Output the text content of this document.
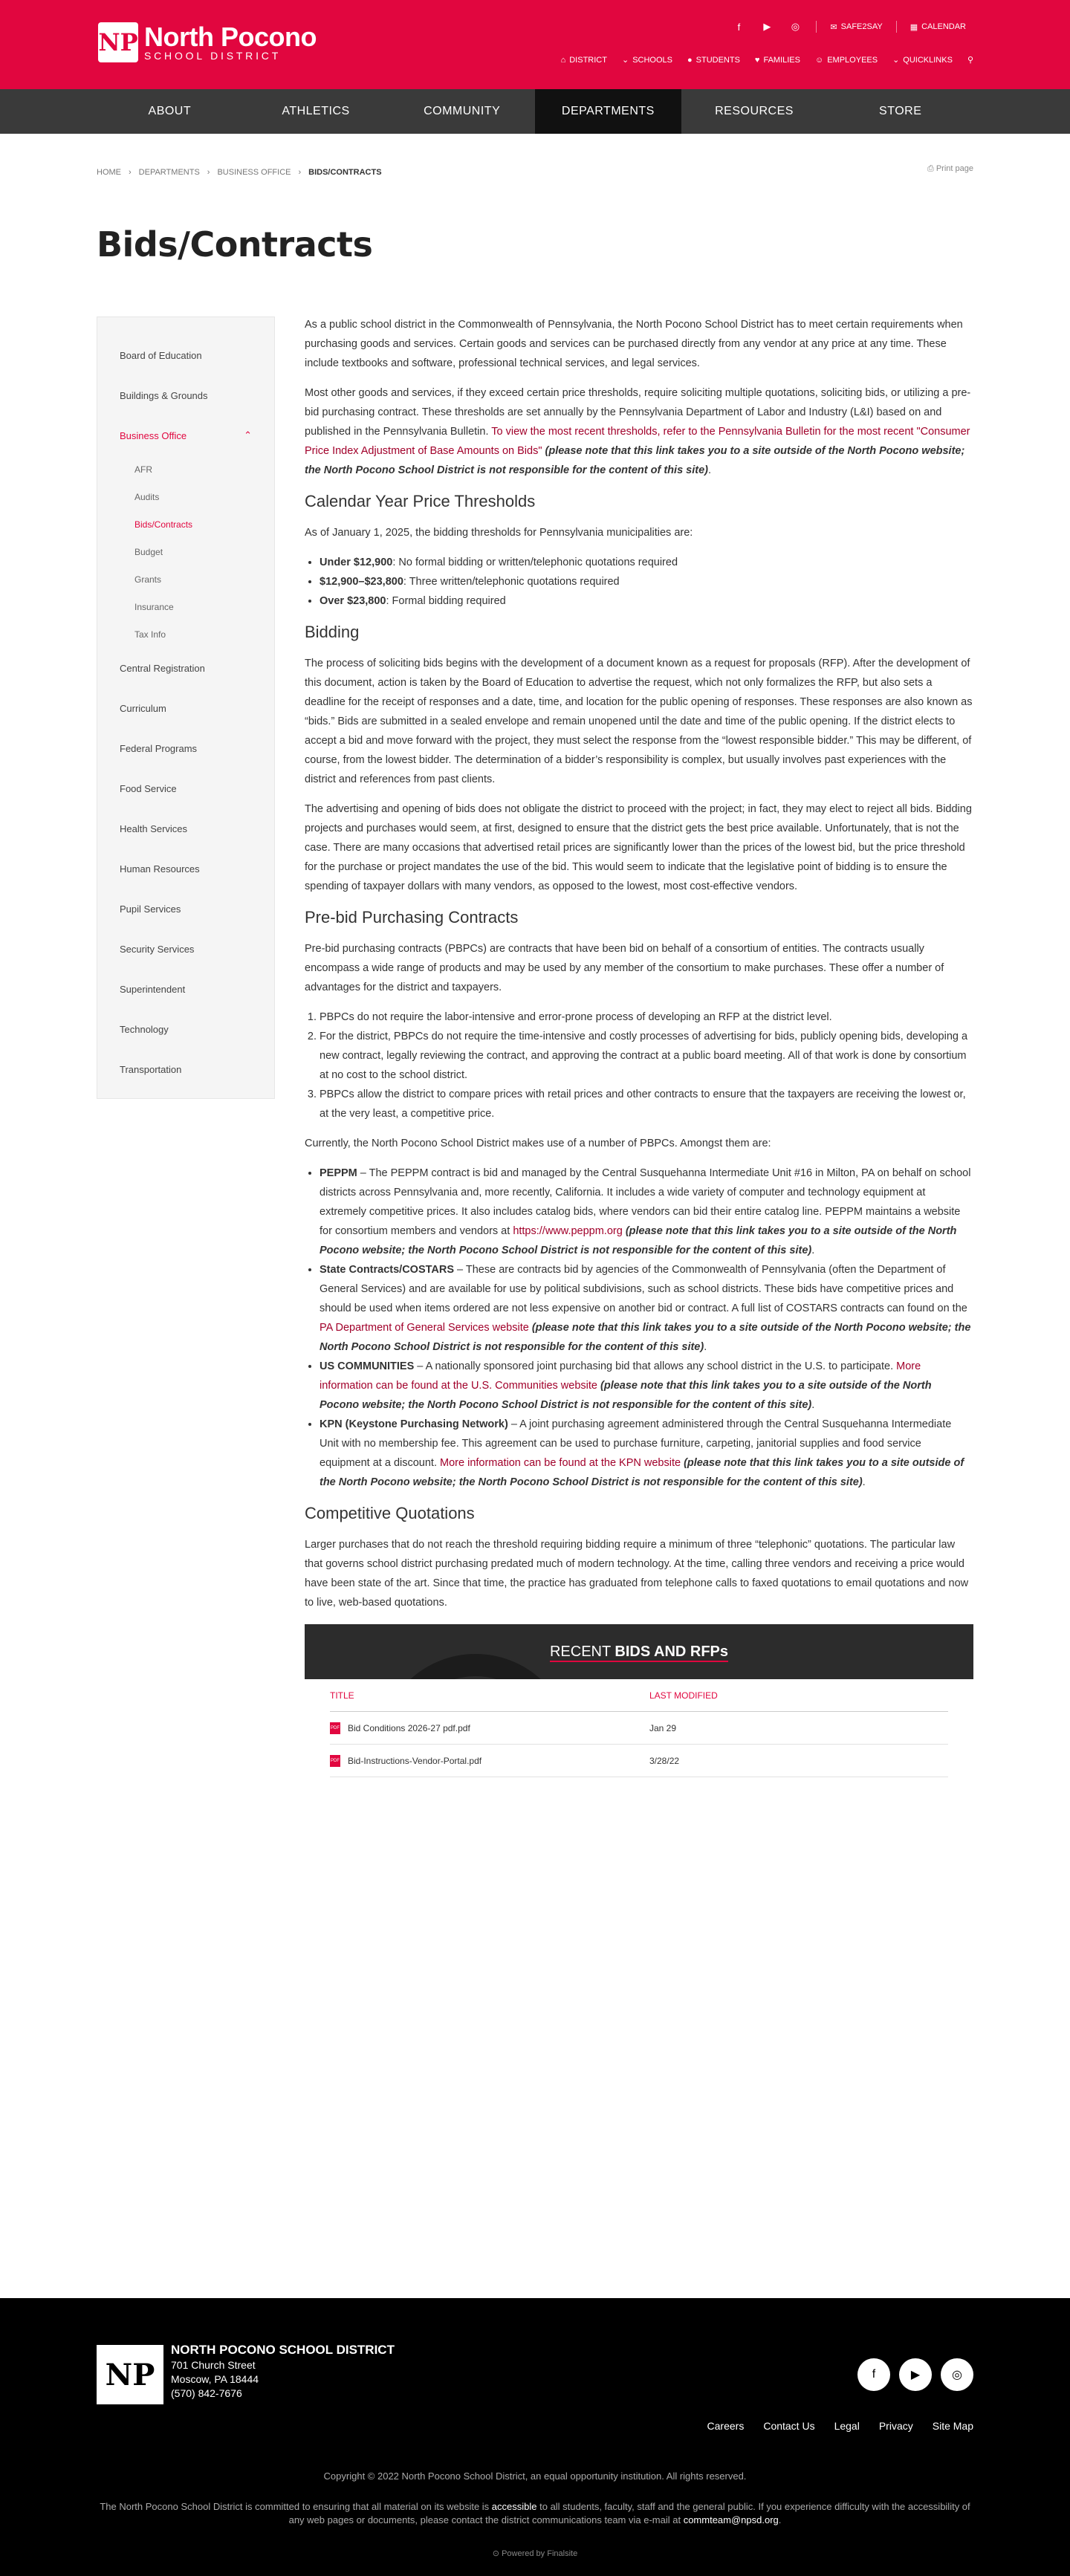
NP North Pocono
SCHOOL DISTRICT
f	▶	◎	✉ SAFE2SAY	▦ CALENDAR
⌂ DISTRICT ⌄ SCHOOLS ● STUDENTS ♥ FAMILIES ☺ EMPLOYEES ⌄ QUICKLINKS ⚲
ABOUT	ATHLETICS	COMMUNITY	DEPARTMENTS	RESOURCES	STORE
HOME › DEPARTMENTS › BUSINESS OFFICE › BIDS/CONTRACTS	⎙ Print page
Bids/Contracts
Board of Education
Buildings & Grounds
Business Office	⌃
AFR
Audits
Bids/Contracts
Budget
Grants
Insurance
Tax Info
Central Registration
Curriculum
Federal Programs
Food Service
Health Services
Human Resources
Pupil Services
Security Services
Superintendent
Technology
Transportation

As a public school district in the Commonwealth of Pennsylvania, the North Pocono School District has to meet certain requirements when purchasing goods and services. Certain goods and services can be purchased directly from any vendor at any price at any time. These include textbooks and software, professional technical services, and legal services.

Most other goods and services, if they exceed certain price thresholds, require soliciting multiple quotations, soliciting bids, or utilizing a pre-bid purchasing contract. These thresholds are set annually by the Pennsylvania Department of Labor and Industry (L&I) based on and published in the Pennsylvania Bulletin. To view the most recent thresholds, refer to the Pennsylvania Bulletin for the most recent "Consumer Price Index Adjustment of Base Amounts on Bids" (please note that this link takes you to a site outside of the North Pocono website; the North Pocono School District is not responsible for the content of this site).

Calendar Year Price Thresholds

As of January 1, 2025, the bidding thresholds for Pennsylvania municipalities are:

• Under $12,900: No formal bidding or written/telephonic quotations required
• $12,900–$23,800: Three written/telephonic quotations required
• Over $23,800: Formal bidding required
Bidding

The process of soliciting bids begins with the development of a document known as a request for proposals (RFP). After the development of this document, action is taken by the Board of Education to advertise the request, which not only formalizes the RFP, but also sets a deadline for the receipt of responses and a date, time, and location for the public opening of responses. These responses are also known as “bids.” Bids are submitted in a sealed envelope and remain unopened until the date and time of the public opening. If the district elects to accept a bid and move forward with the project, they must select the response from the “lowest responsible bidder.” This may be different, of course, from the lowest bidder. The determination of a bidder’s responsibility is complex, but usually involves past experiences with the district and references from past clients.

The advertising and opening of bids does not obligate the district to proceed with the project; in fact, they may elect to reject all bids. Bidding projects and purchases would seem, at first, designed to ensure that the district gets the best price available. Unfortunately, that is not the case. There are many occasions that advertised retail prices are significantly lower than the prices of the lowest bid, but the price threshold for the purchase or project mandates the use of the bid. This would seem to indicate that the legislative point of bidding is to ensure the spending of taxpayer dollars with many vendors, as opposed to the lowest, most cost-effective vendors.

Pre-bid Purchasing Contracts

Pre-bid purchasing contracts (PBPCs) are contracts that have been bid on behalf of a consortium of entities. The contracts usually encompass a wide range of products and may be used by any member of the consortium to make purchases. These offer a number of advantages for the district and taxpayers.

1. PBPCs do not require the labor-intensive and error-prone process of developing an RFP at the district level.
2. For the district, PBPCs do not require the time-intensive and costly processes of advertising for bids, publicly opening bids, developing a new contract, legally reviewing the contract, and approving the contract at a public board meeting. All of that work is done by consortium at no cost to the school district.
3. PBPCs allow the district to compare prices with retail prices and other contracts to ensure that the taxpayers are receiving the lowest or, at the very least, a competitive price.

Currently, the North Pocono School District makes use of a number of PBPCs. Amongst them are:

• PEPPM – The PEPPM contract is bid and managed by the Central Susquehanna Intermediate Unit #16 in Milton, PA on behalf on school districts across Pennsylvania and, more recently, California. It includes a wide variety of computer and technology equipment at extremely competitive prices. It also includes catalog bids, where vendors can bid their entire catalog line. PEPPM maintains a website for consortium members and vendors at https://www.peppm.org (please note that this link takes you to a site outside of the North Pocono website; the North Pocono School District is not responsible for the content of this site).
• State Contracts/COSTARS – These are contracts bid by agencies of the Commonwealth of Pennsylvania (often the Department of General Services) and are available for use by political subdivisions, such as school districts. These bids have competitive prices and should be used when items ordered are not less expensive on another bid or contract. A full list of COSTARS contracts can found on the PA Department of General Services website (please note that this link takes you to a site outside of the North Pocono website; the North Pocono School District is not responsible for the content of this site).
• US COMMUNITIES – A nationally sponsored joint purchasing bid that allows any school district in the U.S. to participate. More information can be found at the U.S. Communities website (please note that this link takes you to a site outside of the North Pocono website; the North Pocono School District is not responsible for the content of this site).
• KPN (Keystone Purchasing Network) – A joint purchasing agreement administered through the Central Susquehanna Intermediate Unit with no membership fee. This agreement can be used to purchase furniture, carpeting, janitorial supplies and food service equipment at a discount. More information can be found at the KPN website (please note that this link takes you to a site outside of the North Pocono website; the North Pocono School District is not responsible for the content of this site).
Competitive Quotations

Larger purchases that do not reach the threshold requiring bidding require a minimum of three “telephonic” quotations. The particular law that governs school district purchasing predated much of modern technology. At the time, calling three vendors and receiving a price would have been state of the art. Since that time, the practice has graduated from telephone calls to faxed quotations to email quotations and now to live, web-based quotations.

RECENT BIDS AND RFPs
TITLE	LAST MODIFIED
PDF Bid Conditions 2026-27 pdf.pdf	Jan 29
PDF Bid-Instructions-Vendor-Portal.pdf	3/28/22
NP
NORTH POCONO SCHOOL DISTRICT
701 Church Street
Moscow, PA 18444
(570) 842-7676
f	▶	◎
Careers Contact Us Legal Privacy Site Map
Copyright © 2022 North Pocono School District, an equal opportunity institution. All rights reserved.
The North Pocono School District is committed to ensuring that all material on its website is accessible to all students, faculty, staff and the general public. If you experience difficulty with the accessibility of any web pages or documents, please contact the district communications team via e-mail at commteam@npsd.org.
⊙ Powered by Finalsite
